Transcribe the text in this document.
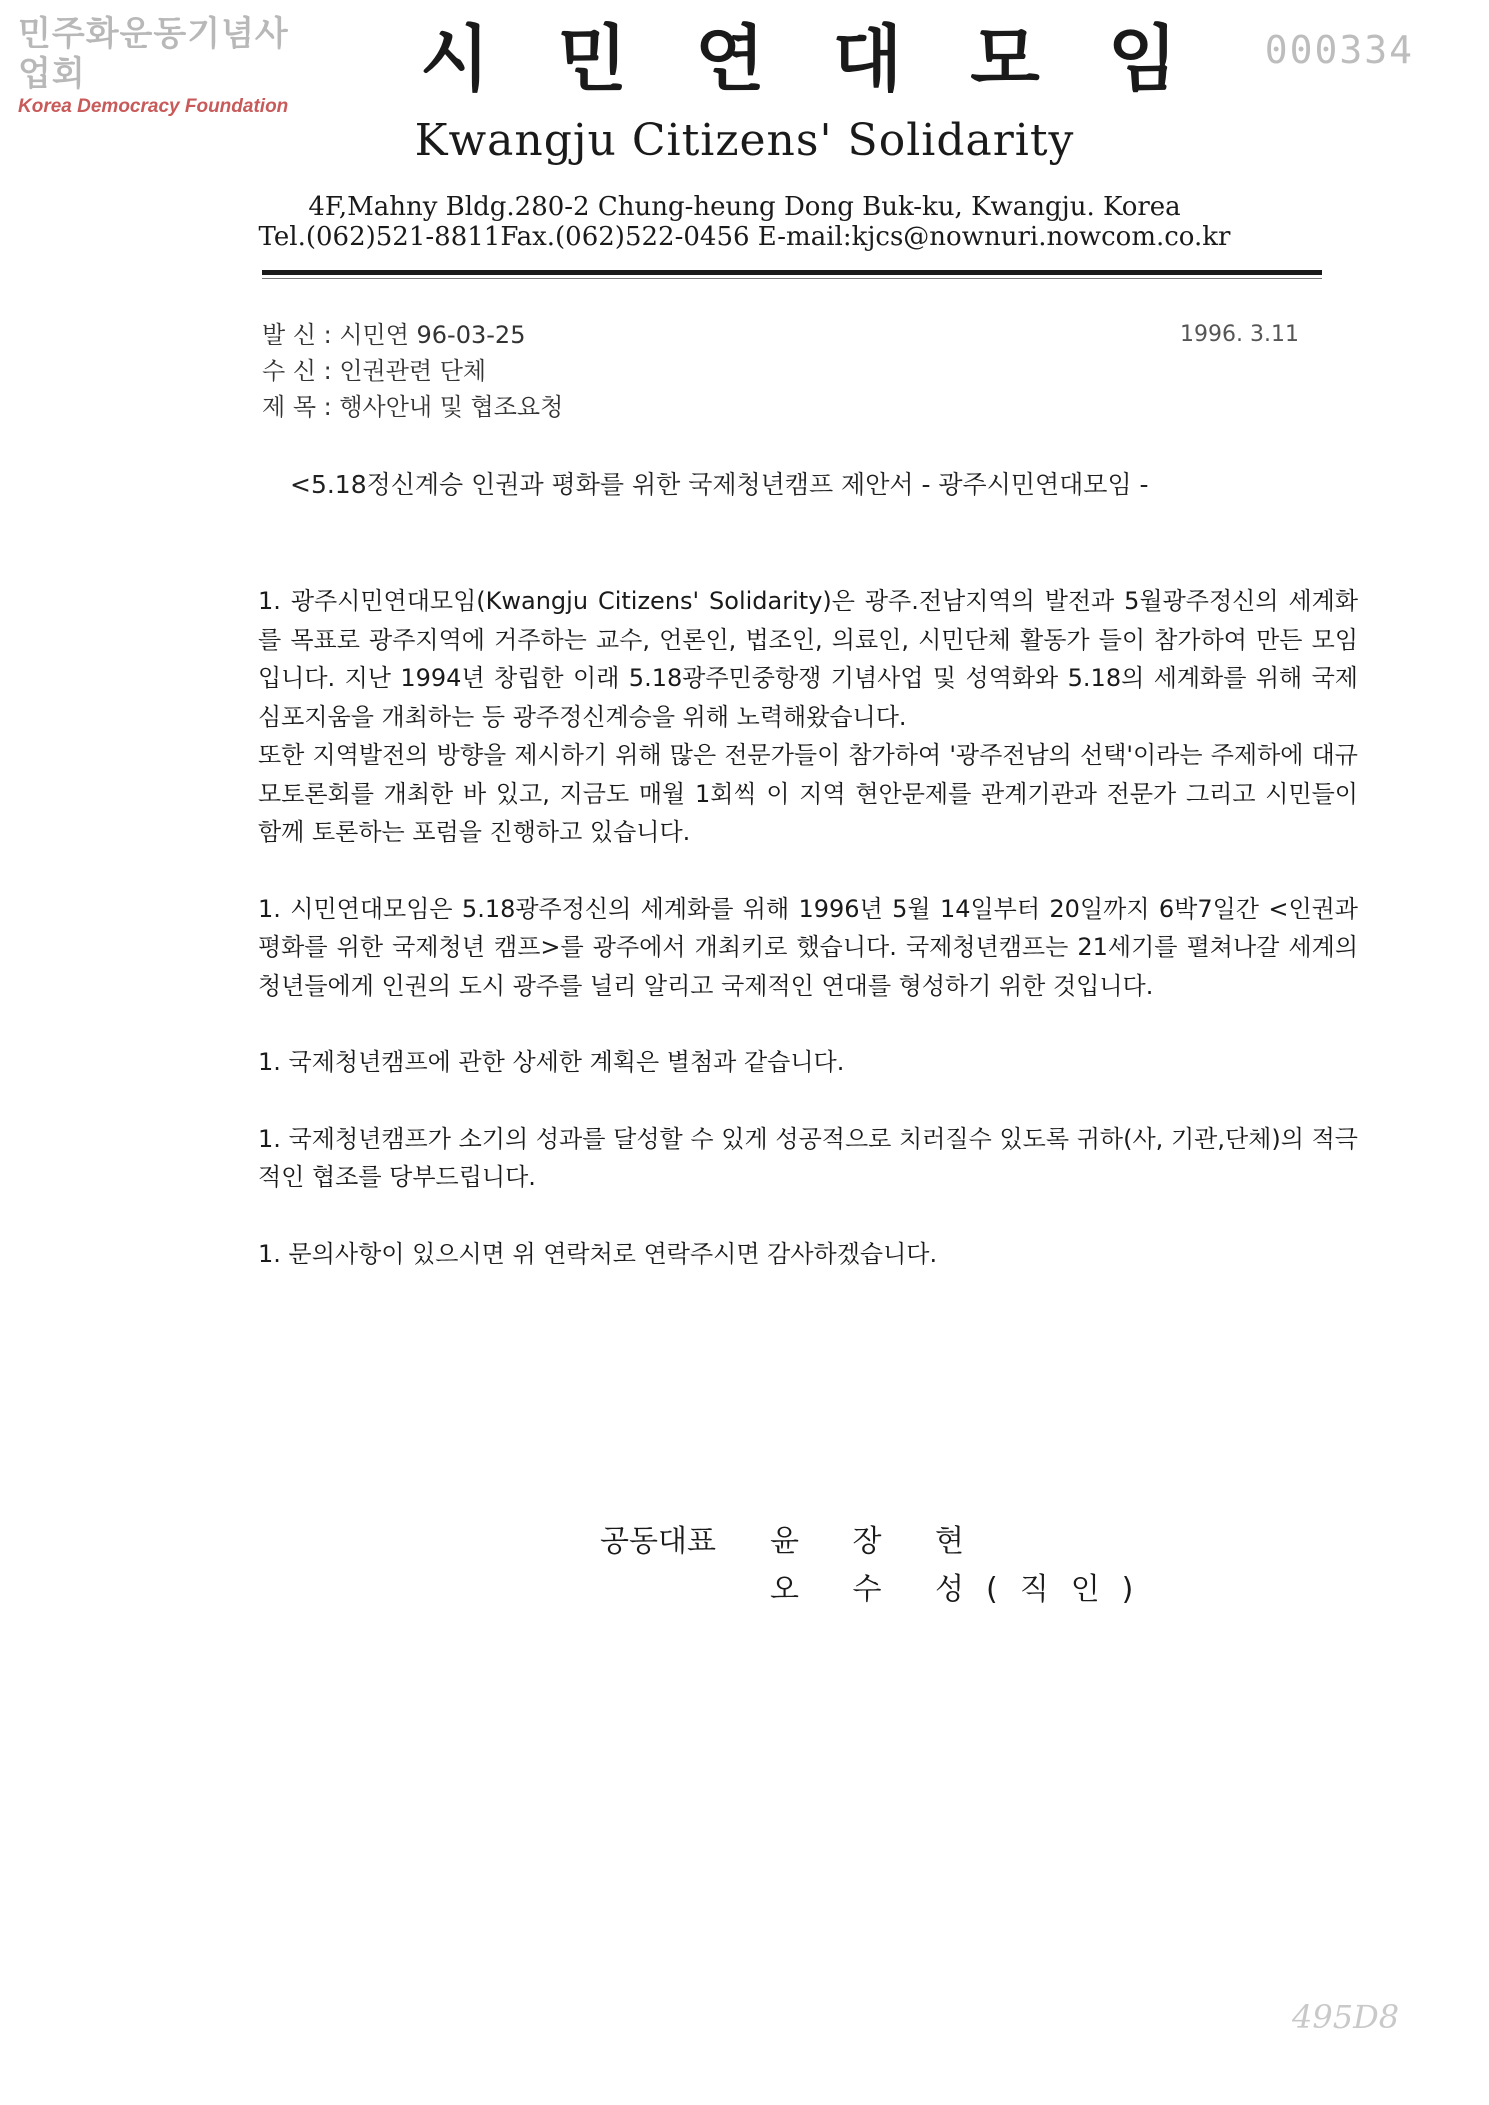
민주화운동기념사업회
Korea Democracy Foundation
000334
시민연대모임
Kwangju Citizens' Solidarity
4F,Mahny Bldg.280-2 Chung-heung Dong Buk-ku, Kwangju. Korea
Tel.(062)521-8811Fax.(062)522-0456 E-mail:kjcs@nownuri.nowcom.co.kr
발 신 : 시민연 96-03-25
수 신 : 인권관련 단체
제 목 : 행사안내 및 협조요청
1996. 3.11
<5.18정신계승 인권과 평화를 위한 국제청년캠프 제안서 - 광주시민연대모임 -

1. 광주시민연대모임(Kwangju Citizens' Solidarity)은 광주.전남지역의 발전과 5월광주정신의 세계화를 목표로 광주지역에 거주하는 교수, 언론인, 법조인, 의료인, 시민단체 활동가 들이 참가하여 만든 모임입니다. 지난 1994년 창립한 이래 5.18광주민중항쟁 기념사업 및 성역화와 5.18의 세계화를 위해 국제심포지움을 개최하는 등 광주정신계승을 위해 노력해왔습니다.

또한 지역발전의 방향을 제시하기 위해 많은 전문가들이 참가하여 '광주전남의 선택'이라는 주제하에 대규모토론회를 개최한 바 있고, 지금도 매월 1회씩 이 지역 현안문제를 관계기관과 전문가 그리고 시민들이 함께 토론하는 포럼을 진행하고 있습니다.

1. 시민연대모임은 5.18광주정신의 세계화를 위해 1996년 5월 14일부터 20일까지 6박7일간 <인권과 평화를 위한 국제청년 캠프>를 광주에서 개최키로 했습니다. 국제청년캠프는 21세기를 펼쳐나갈 세계의 청년들에게 인권의 도시 광주를 널리 알리고 국제적인 연대를 형성하기 위한 것입니다.

1. 국제청년캠프에 관한 상세한 계획은 별첨과 같습니다.

1. 국제청년캠프가 소기의 성과를 달성할 수 있게 성공적으로 치러질수 있도록 귀하(사, 기관,단체)의 적극적인 협조를 당부드립니다.

1. 문의사항이 있으시면 위 연락처로 연락주시면 감사하겠습니다.

공동대표	윤 장 현
오 수 성(직인)
495D8
